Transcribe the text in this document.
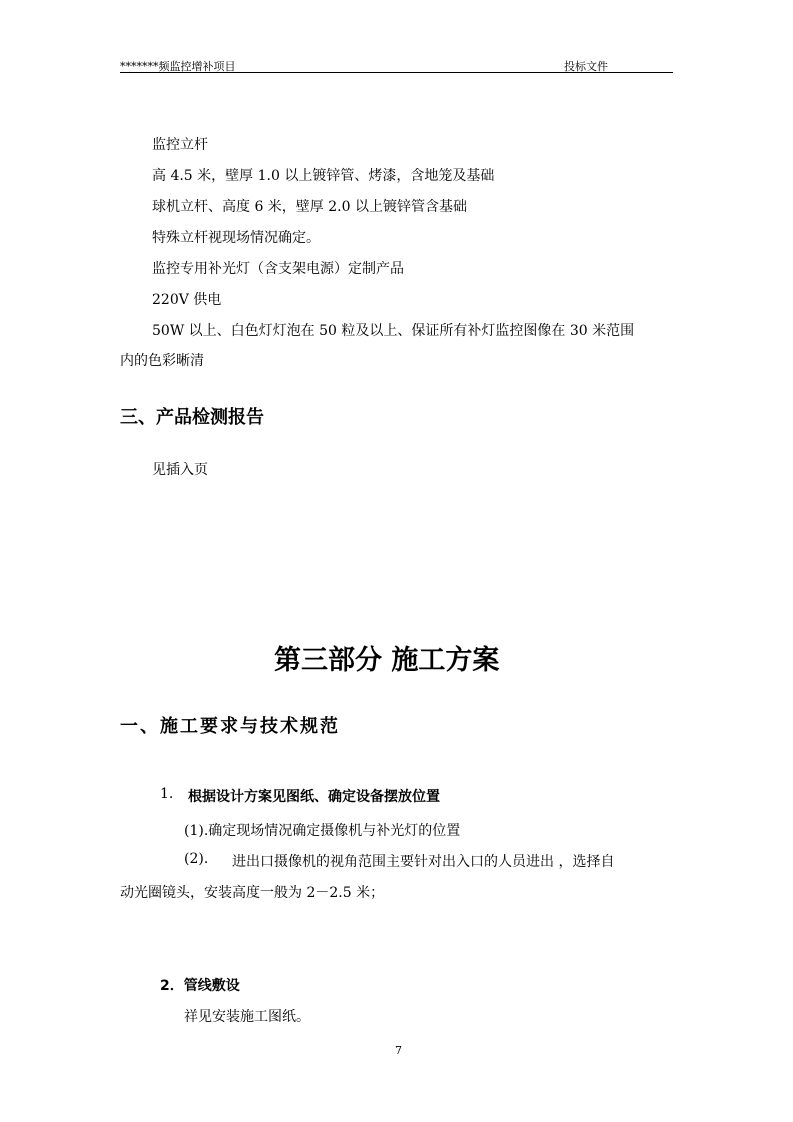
*******频监控增补项目	投标文件
监控立杆
高 4.5 米，壁厚 1.0 以上镀锌管、烤漆，含地笼及基础
球机立杆、高度 6 米，壁厚 2.0 以上镀锌管含基础
特殊立杆视现场情况确定。
监控专用补光灯（含支架电源）定制产品
220V 供电
50W 以上、白色灯灯泡在 50 粒及以上、保证所有补灯监控图像在 30 米范围
内的色彩晰清
三、产品检测报告
见插入页
第三部分 施工方案
一、施工要求与技术规范
1. 根据设计方案见图纸、确定设备摆放位置
(1).确定现场情况确定摄像机与补光灯的位置
(2). 进出口摄像机的视角范围主要针对出入口的人员进出 ，选择自
动光圈镜头，安装高度一般为 2－2.5 米；
2．管线敷设
祥见安装施工图纸。
7
